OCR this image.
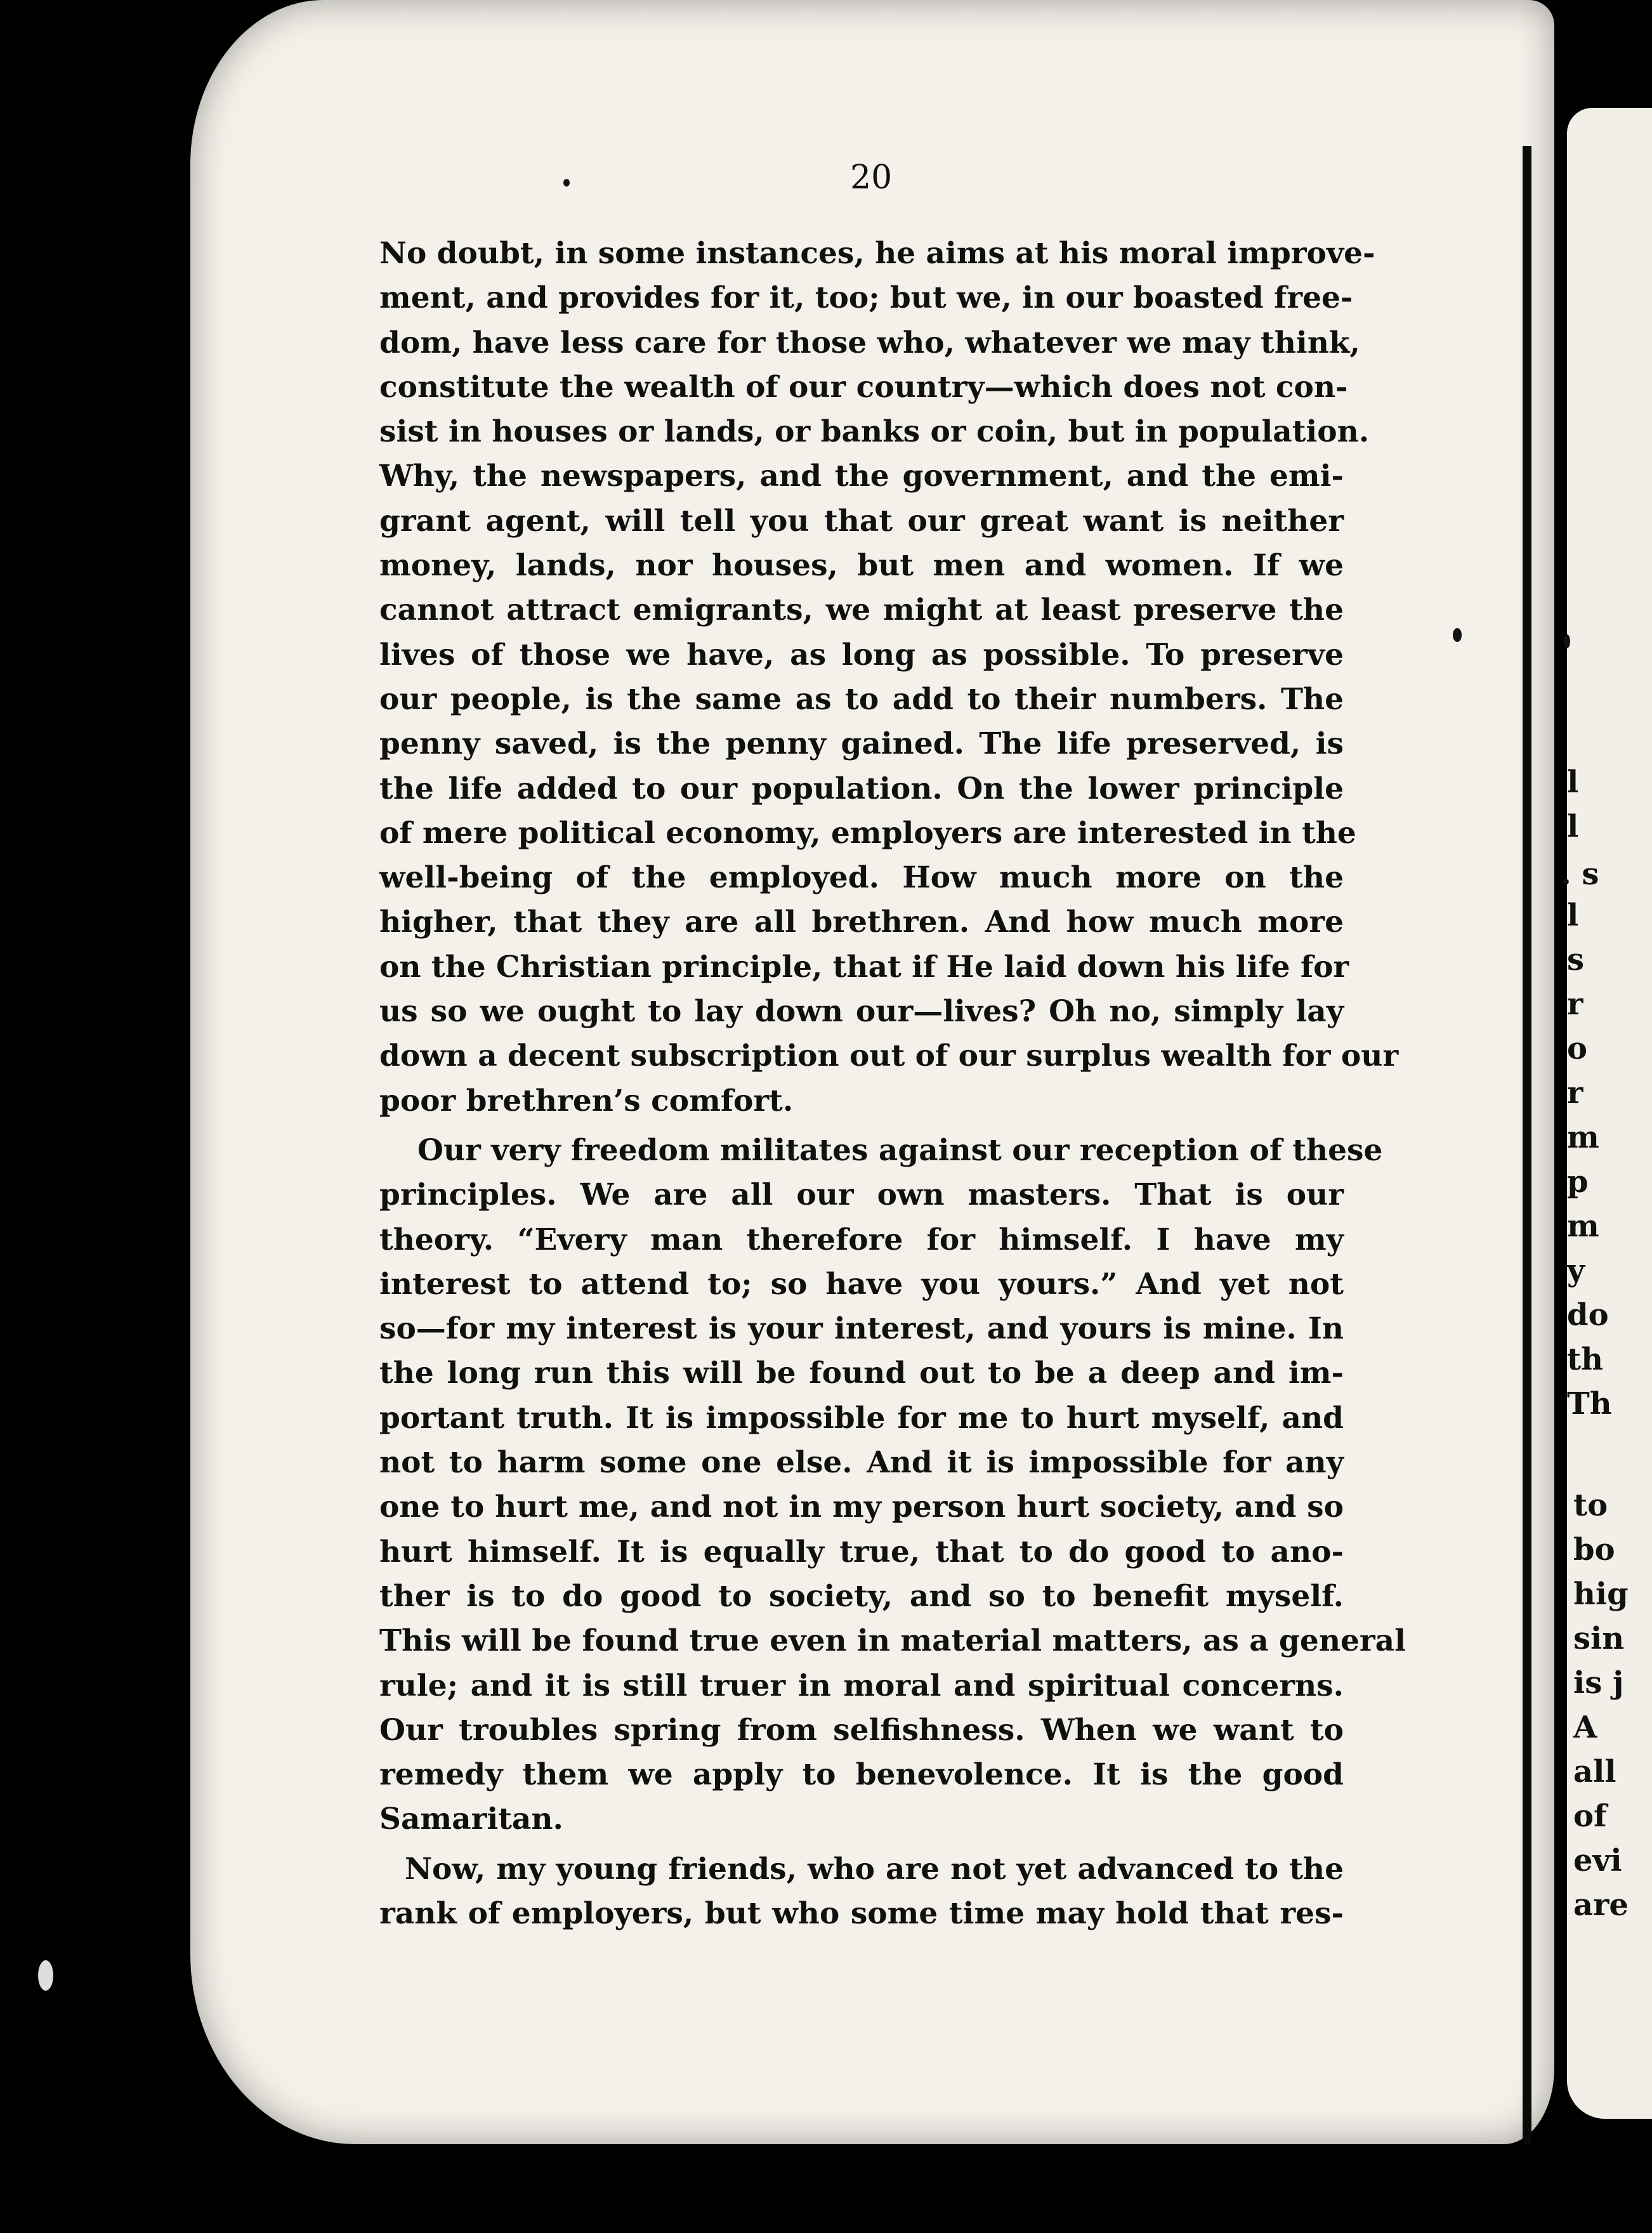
l
l
. s
l
s
r
o
r
m
p
m
y
do
th
Th
to
bo
hig
sin
is j
A
all
of
evi
are
20
No doubt, in some instances, he aims at his moral improve-
ment, and provides for it, too; but we, in our boasted free-
dom, have less care for those who, whatever we may think,
constitute the wealth of our country—which does not con-
sist in houses or lands, or banks or coin, but in population.
Why, the newspapers, and the government, and the emi-
grant agent, will tell you that our great want is neither
money, lands, nor houses, but men and women. If we
cannot attract emigrants, we might at least preserve the
lives of those we have, as long as possible. To preserve
our people, is the same as to add to their numbers. The
penny saved, is the penny gained. The life preserved, is
the life added to our population. On the lower principle
of mere political economy, employers are interested in the
well-being of the employed. How much more on the
higher, that they are all brethren. And how much more
on the Christian principle, that if He laid down his life for
us so we ought to lay down our—lives? Oh no, simply lay
down a decent subscription out of our surplus wealth for our
poor brethren’s comfort.
Our very freedom militates against our reception of these
principles. We are all our own masters. That is our
theory. “Every man therefore for himself. I have my
interest to attend to; so have you yours.” And yet not
so—for my interest is your interest, and yours is mine. In
the long run this will be found out to be a deep and im-
portant truth. It is impossible for me to hurt myself, and
not to harm some one else. And it is impossible for any
one to hurt me, and not in my person hurt society, and so
hurt himself. It is equally true, that to do good to ano-
ther is to do good to society, and so to benefit myself.
This will be found true even in material matters, as a general
rule; and it is still truer in moral and spiritual concerns.
Our troubles spring from selfishness. When we want to
remedy them we apply to benevolence. It is the good
Samaritan.
Now, my young friends, who are not yet advanced to the
rank of employers, but who some time may hold that res-
